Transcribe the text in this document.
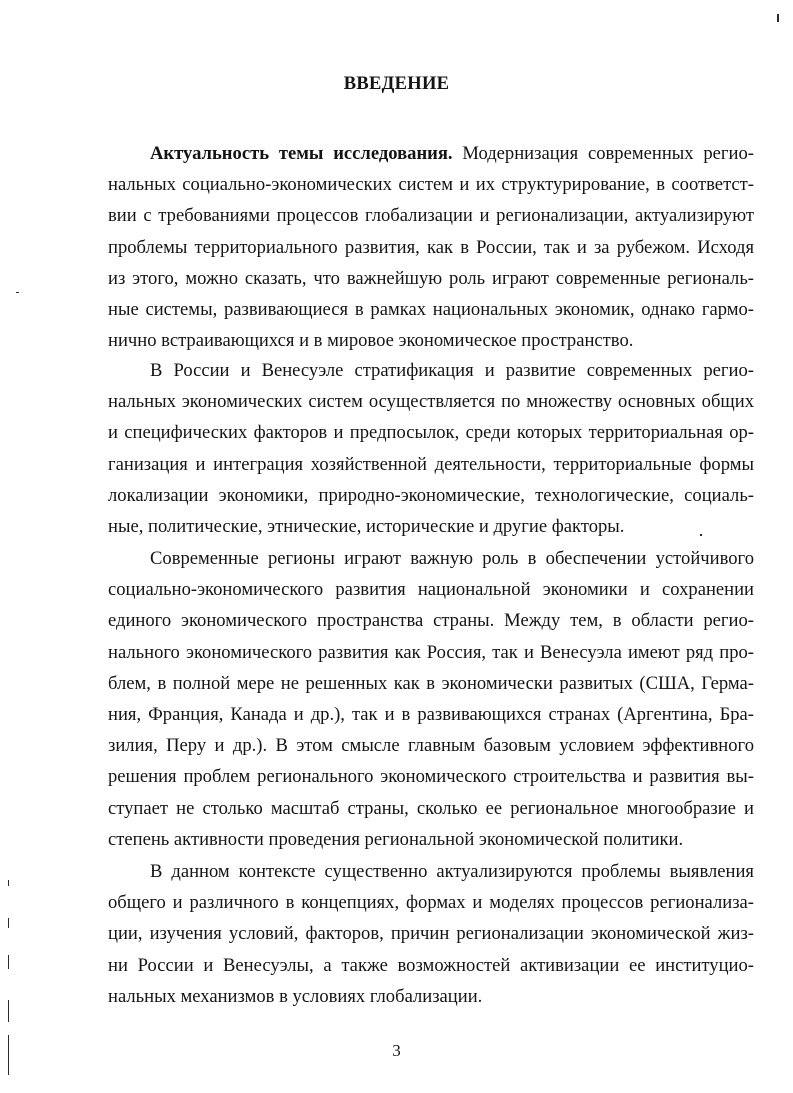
ВВЕДЕНИЕ
Актуальность темы исследования. Модернизация современных регио-
нальных социально-экономических систем и их структурирование, в соответст-
вии с требованиями процессов глобализации и регионализации, актуализируют
проблемы территориального развития, как в России, так и за рубежом. Исходя
из этого, можно сказать, что важнейшую роль играют современные региональ-
ные системы, развивающиеся в рамках национальных экономик, однако гармо-
нично встраивающихся и в мировое экономическое пространство.
В России и Венесуэле стратификация и развитие современных регио-
нальных экономических систем осуществляется по множеству основных общих
и специфических факторов и предпосылок, среди которых территориальная ор-
ганизация и интеграция хозяйственной деятельности, территориальные формы
локализации экономики, природно-экономические, технологические, социаль-
ные, политические, этнические, исторические и другие факторы.
Современные регионы играют важную роль в обеспечении устойчивого
социально-экономического развития национальной экономики и сохранении
единого экономического пространства страны. Между тем, в области регио-
нального экономического развития как Россия, так и Венесуэла имеют ряд про-
блем, в полной мере не решенных как в экономически развитых (США, Герма-
ния, Франция, Канада и др.), так и в развивающихся странах (Аргентина, Бра-
зилия, Перу и др.). В этом смысле главным базовым условием эффективного
решения проблем регионального экономического строительства и развития вы-
ступает не столько масштаб страны, сколько ее региональное многообразие и
степень активности проведения региональной экономической политики.
В данном контексте существенно актуализируются проблемы выявления
общего и различного в концепциях, формах и моделях процессов регионализа-
ции, изучения условий, факторов, причин регионализации экономической жиз-
ни России и Венесуэлы, а также возможностей активизации ее институцио-
нальных механизмов в условиях глобализации.
3
